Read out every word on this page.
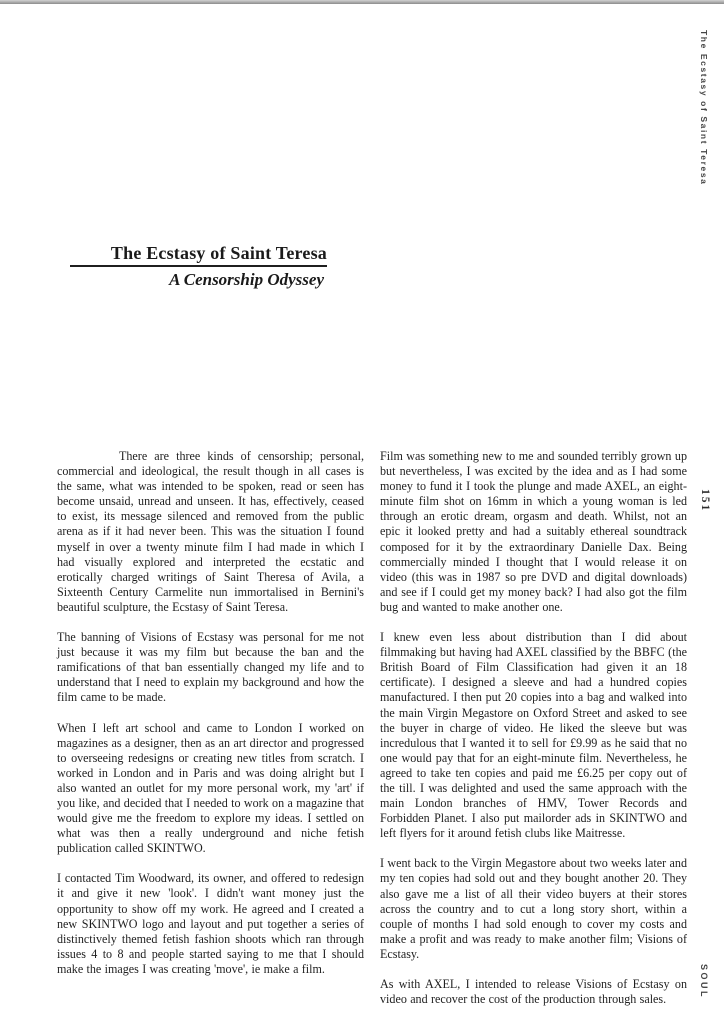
The Ecstasy of Saint Teresa
151
SOUL
The Ecstasy of Saint Teresa
A Censorship Odyssey

There are three kinds of censorship; personal, commercial and ideological, the result though in all cases is the same, what was intended to be spoken, read or seen has become unsaid, unread and unseen. It has, effectively, ceased to exist, its message silenced and removed from the public arena as if it had never been. This was the situation I found myself in over a twenty minute film I had made in which I had visually explored and interpreted the ecstatic and erotically charged writings of Saint Theresa of Avila, a Sixteenth Century Carmelite nun immortalised in Bernini's beautiful sculpture, the Ecstasy of Saint Teresa.

The banning of Visions of Ecstasy was personal for me not just because it was my film but because the ban and the ramifications of that ban essentially changed my life and to understand that I need to explain my background and how the film came to be made.

When I left art school and came to London I worked on magazines as a designer, then as an art director and progressed to overseeing redesigns or creating new titles from scratch. I worked in London and in Paris and was doing alright but I also wanted an outlet for my more personal work, my 'art' if you like, and decided that I needed to work on a magazine that would give me the freedom to explore my ideas. I settled on what was then a really underground and niche fetish publication called SKINTWO.

I contacted Tim Woodward, its owner, and offered to redesign it and give it new 'look'. I didn't want money just the opportunity to show off my work. He agreed and I created a new SKINTWO logo and layout and put together a series of distinctively themed fetish fashion shoots which ran through issues 4 to 8 and people started saying to me that I should make the images I was creating 'move', ie make a film.

Film was something new to me and sounded terribly grown up but nevertheless, I was excited by the idea and as I had some money to fund it I took the plunge and made AXEL, an eight-minute film shot on 16mm in which a young woman is led through an erotic dream, orgasm and death. Whilst, not an epic it looked pretty and had a suitably ethereal soundtrack composed for it by the extraordinary Danielle Dax. Being commercially minded I thought that I would release it on video (this was in 1987 so pre DVD and digital downloads) and see if I could get my money back? I had also got the film bug and wanted to make another one.

I knew even less about distribution than I did about filmmaking but having had AXEL classified by the BBFC (the British Board of Film Classification had given it an 18 certificate). I designed a sleeve and had a hundred copies manufactured. I then put 20 copies into a bag and walked into the main Virgin Megastore on Oxford Street and asked to see the buyer in charge of video. He liked the sleeve but was incredulous that I wanted it to sell for £9.99 as he said that no one would pay that for an eight-minute film. Nevertheless, he agreed to take ten copies and paid me £6.25 per copy out of the till. I was delighted and used the same approach with the main London branches of HMV, Tower Records and Forbidden Planet. I also put mailorder ads in SKINTWO and left flyers for it around fetish clubs like Maitresse.

I went back to the Virgin Megastore about two weeks later and my ten copies had sold out and they bought another 20. They also gave me a list of all their video buyers at their stores across the country and to cut a long story short, within a couple of months I had sold enough to cover my costs and make a profit and was ready to make another film; Visions of Ecstasy.

As with AXEL, I intended to release Visions of Ecstasy on video and recover the cost of the production through sales.
